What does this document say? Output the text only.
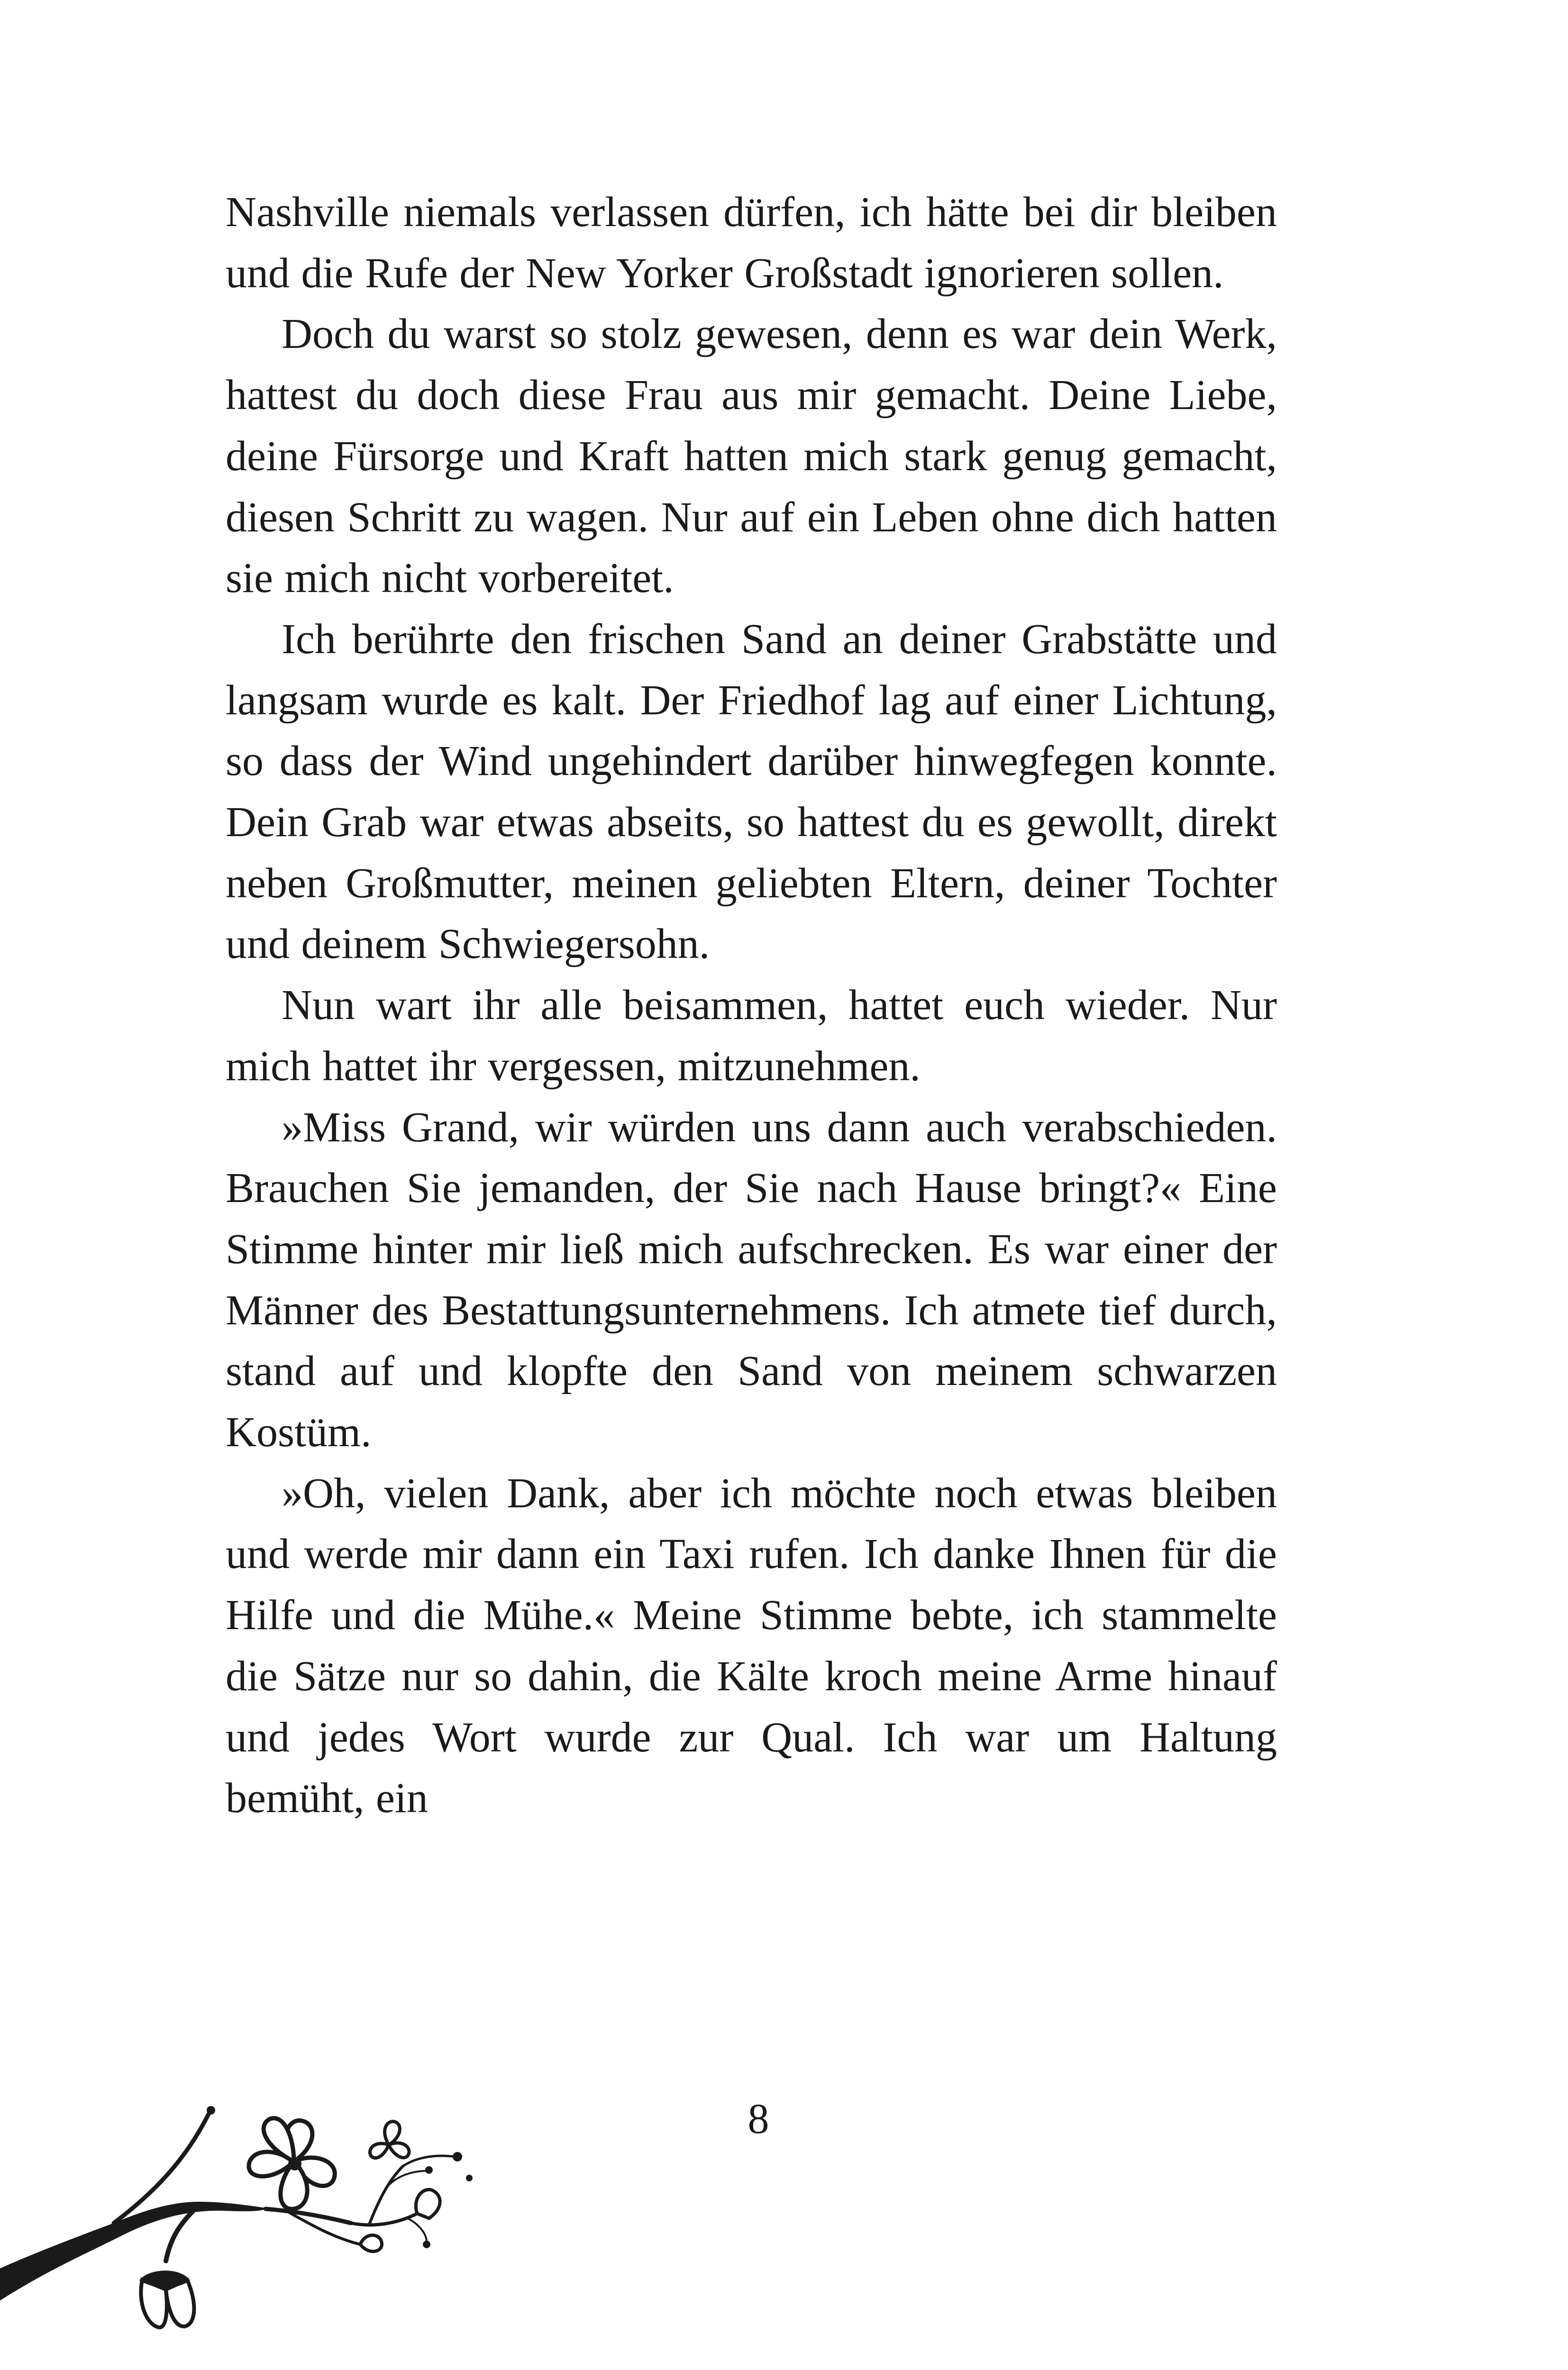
Nashville niemals verlassen dürfen, ich hätte bei dir bleiben und die Rufe der New Yorker Großstadt ignorieren sollen.

Doch du warst so stolz gewesen, denn es war dein Werk, hattest du doch diese Frau aus mir gemacht. Deine Liebe, deine Fürsorge und Kraft hatten mich stark genug gemacht, diesen Schritt zu wagen. Nur auf ein Leben ohne dich hatten sie mich nicht vorbereitet.

Ich berührte den frischen Sand an deiner Grabstätte und langsam wurde es kalt. Der Friedhof lag auf einer Lichtung, so dass der Wind ungehindert darüber hinwegfegen konnte. Dein Grab war etwas abseits, so hattest du es gewollt, direkt neben Großmutter, meinen geliebten Eltern, deiner Tochter und deinem Schwiegersohn.

Nun wart ihr alle beisammen, hattet euch wieder. Nur mich hattet ihr vergessen, mitzunehmen.

»Miss Grand, wir würden uns dann auch verabschieden. Brauchen Sie jemanden, der Sie nach Hause bringt?« Eine Stimme hinter mir ließ mich aufschrecken. Es war einer der Männer des Bestattungsunternehmens. Ich atmete tief durch, stand auf und klopfte den Sand von meinem schwarzen Kostüm.

»Oh, vielen Dank, aber ich möchte noch etwas bleiben und werde mir dann ein Taxi rufen. Ich danke Ihnen für die Hilfe und die Mühe.« Meine Stimme bebte, ich stammelte die Sätze nur so dahin, die Kälte kroch meine Arme hinauf und jedes Wort wurde zur Qual. Ich war um Haltung bemüht, ein

8
